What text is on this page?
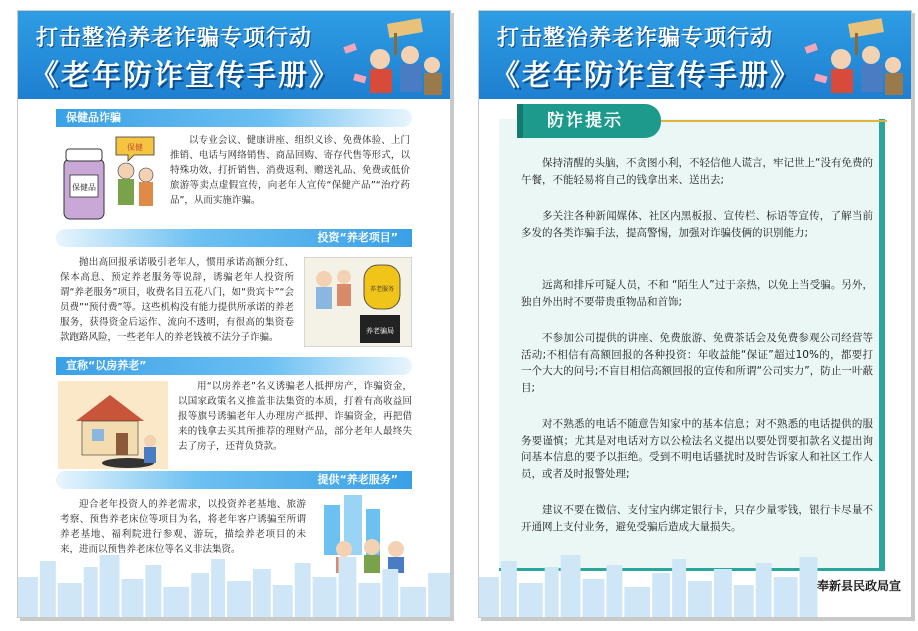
打击整治养老诈骗专项行动
《老年防诈宣传手册》
保健品诈骗
保健品
保健
以专业会议、健康讲座、组织义诊、免费体验、上门推销、电话与网络销售、商品回购、寄存代售等形式，以特殊功效、打折销售、消费返利、赠送礼品、免费或低价旅游等卖点虚假宣传，向老年人宣传“保健产品”“治疗药品”，从而实施诈骗。
投资“养老项目”
抛出高回报承诺吸引老年人，惯用承诺高额分红、保本高息、预定养老服务等说辞，诱骗老年人投资所谓“养老服务”项目，收费名目五花八门，如“贵宾卡”“会员费”“预付费”等。这些机构没有能力提供所承诺的养老服务，获得资金后运作、流向不透明，有很高的集资卷款跑路风险，一些老年人的养老钱被不法分子诈骗。
养老服务
养老骗局
宣称“以房养老”
用“以房养老”名义诱骗老人抵押房产，诈骗资金，以国家政策名义推盖非法集资的本质，打着有高收益回报等旗号诱骗老年人办理房产抵押、诈骗资金，再把借来的钱拿去买其所推荐的理财产品，部分老年人最终失去了房子，还背负贷款。
提供“养老服务”
迎合老年投资人的养老需求，以投资养老基地、旅游考察、预售养老床位等项目为名，将老年客户诱骗至所谓养老基地、福利院进行参观、游玩，描绘养老项目的未来，进而以预售养老床位等名义非法集资。
打击整治养老诈骗专项行动
《老年防诈宣传手册》
防诈提示
保持清醒的头脑，不贪图小利，不轻信他人谎言，牢记世上“没有免费的午餐，不能轻易将自己的钱拿出来、送出去;
多关注各种新闻媒体、社区内黑板报、宣传栏、标语等宣传，了解当前多发的各类诈骗手法，提高警惕，加强对诈骗伎俩的识别能力;
远离和排斥可疑人员，不和 “陌生人”过于亲热，以免上当受骗。另外，独自外出时不要带贵重物品和首饰;
不参加公司提供的讲座、免费旅游、免费茶话会及免费参观公司经营等活动;不相信有高额回报的各种投资：年收益能“保证”超过10%的，都要打一个大大的问号;不盲目相信高额回报的宣传和所谓“公司实力”，防止一叶蔽目;
对不熟悉的电话不随意告知家中的基本信息；对不熟悉的电话提供的服务要谨慎；尤其是对电话对方以公检法名义提出以要处罚要扣款名义提出询问基本信息的要予以拒绝。受到不明电话骚扰时及时告诉家人和社区工作人员，或者及时报警处理;
建议不要在微信、支付宝内绑定银行卡，只存少量零钱，银行卡尽量不开通网上支付业务，避免受骗后造成大量损失。
奉新县民政局宣
